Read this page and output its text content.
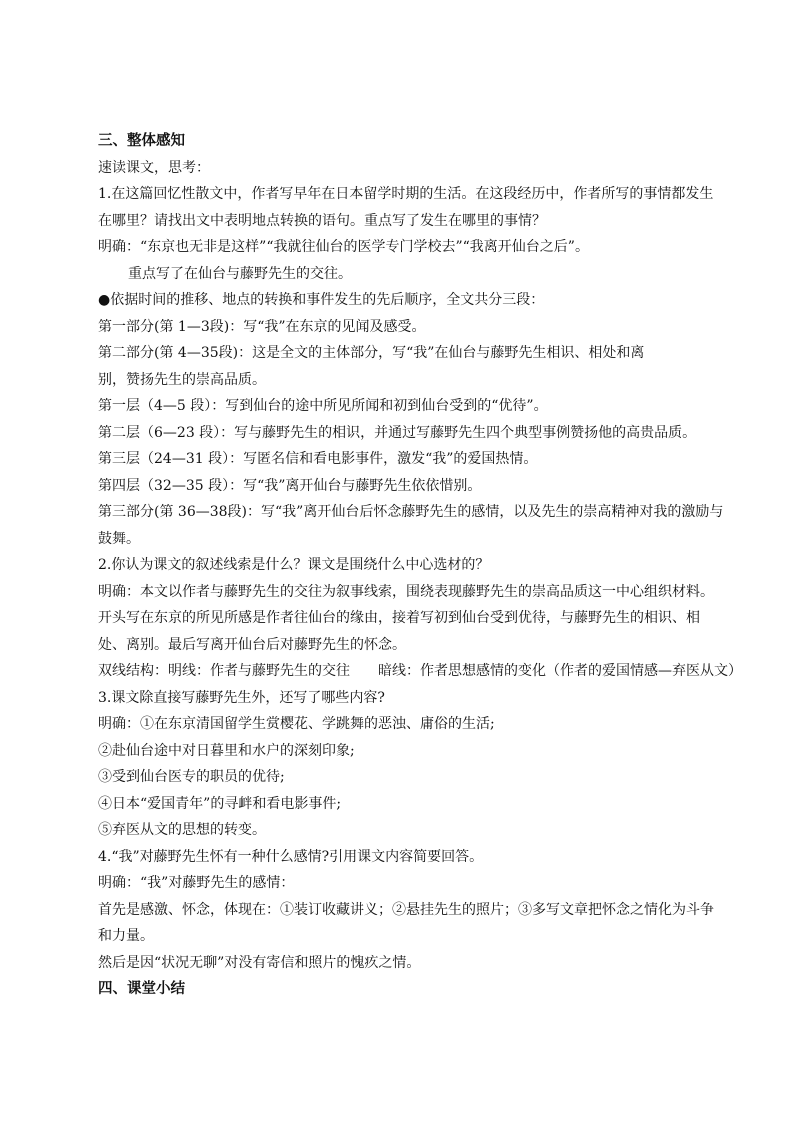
三、整体感知
速读课文，思考：
1.在这篇回忆性散文中，作者写早年在日本留学时期的生活。在这段经历中，作者所写的事情都发生在哪里？请找出文中表明地点转换的语句。重点写了发生在哪里的事情？
明确：“东京也无非是这样”“我就往仙台的医学专门学校去”“我离开仙台之后”。
重点写了在仙台与藤野先生的交往。
●依据时间的推移、地点的转换和事件发生的先后顺序，全文共分三段：
第一部分(第 1—3段)：写“我”在东京的见闻及感受。
第二部分(第 4—35段)：这是全文的主体部分，写“我”在仙台与藤野先生相识、相处和离
别，赞扬先生的崇高品质。
第一层（4—5 段）：写到仙台的途中所见所闻和初到仙台受到的“优待”。
第二层（6—23 段）：写与藤野先生的相识，并通过写藤野先生四个典型事例赞扬他的高贵品质。
第三层（24—31 段）：写匿名信和看电影事件，激发“我”的爱国热情。
第四层（32—35 段）：写“我”离开仙台与藤野先生依依惜别。
第三部分(第 36—38段)：写“我”离开仙台后怀念藤野先生的感情，以及先生的崇高精神对我的激励与鼓舞。
2.你认为课文的叙述线索是什么？课文是围绕什么中心选材的？
明确：本文以作者与藤野先生的交往为叙事线索，围绕表现藤野先生的崇高品质这一中心组织材料。开头写在东京的所见所感是作者往仙台的缘由，接着写初到仙台受到优待，与藤野先生的相识、相处、离别。最后写离开仙台后对藤野先生的怀念。
双线结构：明线：作者与藤野先生的交往　　暗线：作者思想感情的变化（作者的爱国情感—弃医从文）
3.课文除直接写藤野先生外，还写了哪些内容?
明确：①在东京清国留学生赏樱花、学跳舞的恶浊、庸俗的生活;
②赴仙台途中对日暮里和水户的深刻印象;
③受到仙台医专的职员的优待;
④日本“爱国青年”的寻衅和看电影事件;
⑤弃医从文的思想的转变。
4.“我”对藤野先生怀有一种什么感情?引用课文内容简要回答。
明确：“我”对藤野先生的感情：
首先是感激、怀念，体现在：①装订收藏讲义；②悬挂先生的照片；③多写文章把怀念之情化为斗争和力量。
然后是因“状况无聊”对没有寄信和照片的愧疚之情。
四、课堂小结
